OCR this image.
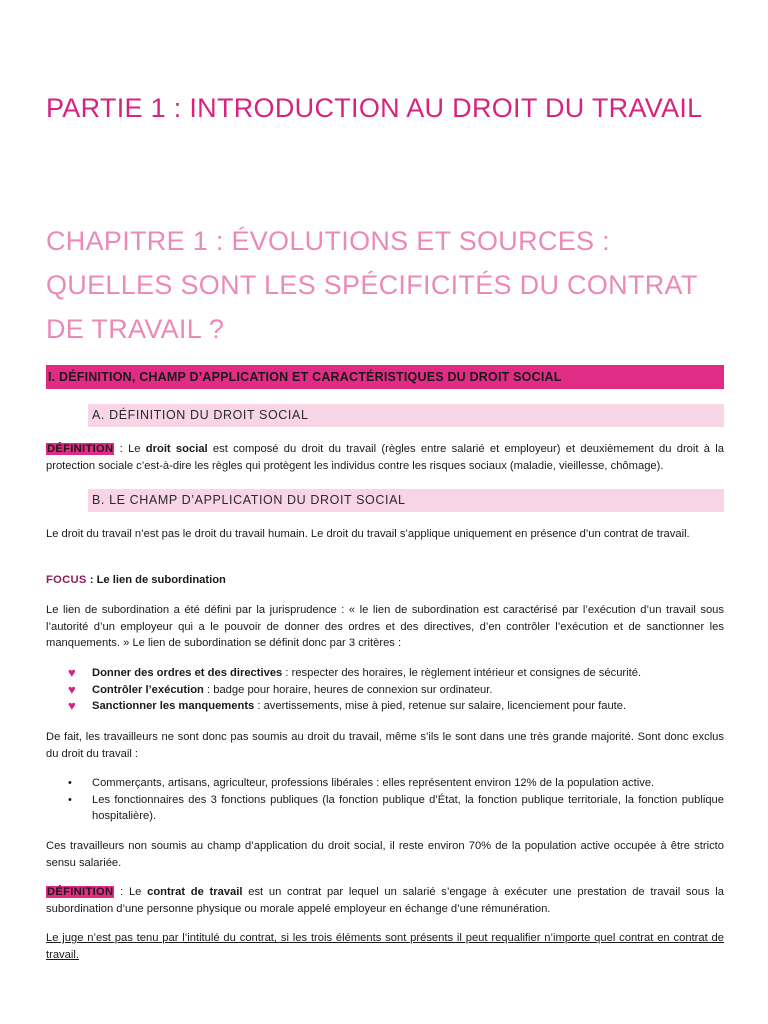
PARTIE 1 : INTRODUCTION AU DROIT DU TRAVAIL
CHAPITRE 1 : ÉVOLUTIONS ET SOURCES : QUELLES SONT LES SPÉCIFICITÉS DU CONTRAT DE TRAVAIL ?
I. DÉFINITION, CHAMP D’APPLICATION ET CARACTÉRISTIQUES DU DROIT SOCIAL
A. DÉFINITION DU DROIT SOCIAL

DÉFINITION : Le droit social est composé du droit du travail (règles entre salarié et employeur) et deuxièmement du droit à la protection sociale c’est-à-dire les règles qui protègent les individus contre les risques sociaux (maladie, vieillesse, chômage).

B. LE CHAMP D’APPLICATION DU DROIT SOCIAL

Le droit du travail n’est pas le droit du travail humain. Le droit du travail s’applique uniquement en présence d’un contrat de travail.

FOCUS : Le lien de subordination

Le lien de subordination a été défini par la jurisprudence : « le lien de subordination est caractérisé par l’exécution d’un travail sous l’autorité d’un employeur qui a le pouvoir de donner des ordres et des directives, d’en contrôler l’exécution et de sanctionner les manquements. » Le lien de subordination se définit donc par 3 critères :

♥ Donner des ordres et des directives : respecter des horaires, le règlement intérieur et consignes de sécurité.
♥ Contrôler l’exécution : badge pour horaire, heures de connexion sur ordinateur.
♥ Sanctionner les manquements : avertissements, mise à pied, retenue sur salaire, licenciement pour faute.

De fait, les travailleurs ne sont donc pas soumis au droit du travail, même s’ils le sont dans une très grande majorité. Sont donc exclus du droit du travail :

• Commerçants, artisans, agriculteur, professions libérales : elles représentent environ 12% de la population active.
• Les fonctionnaires des 3 fonctions publiques (la fonction publique d’État, la fonction publique territoriale, la fonction publique hospitalière).

Ces travailleurs non soumis au champ d’application du droit social, il reste environ 70% de la population active occupée à être stricto sensu salariée.

DÉFINITION : Le contrat de travail est un contrat par lequel un salarié s’engage à exécuter une prestation de travail sous la subordination d’une personne physique ou morale appelé employeur en échange d’une rémunération.

Le juge n’est pas tenu par l’intitulé du contrat, si les trois éléments sont présents il peut requalifier n’importe quel contrat en contrat de travail.
